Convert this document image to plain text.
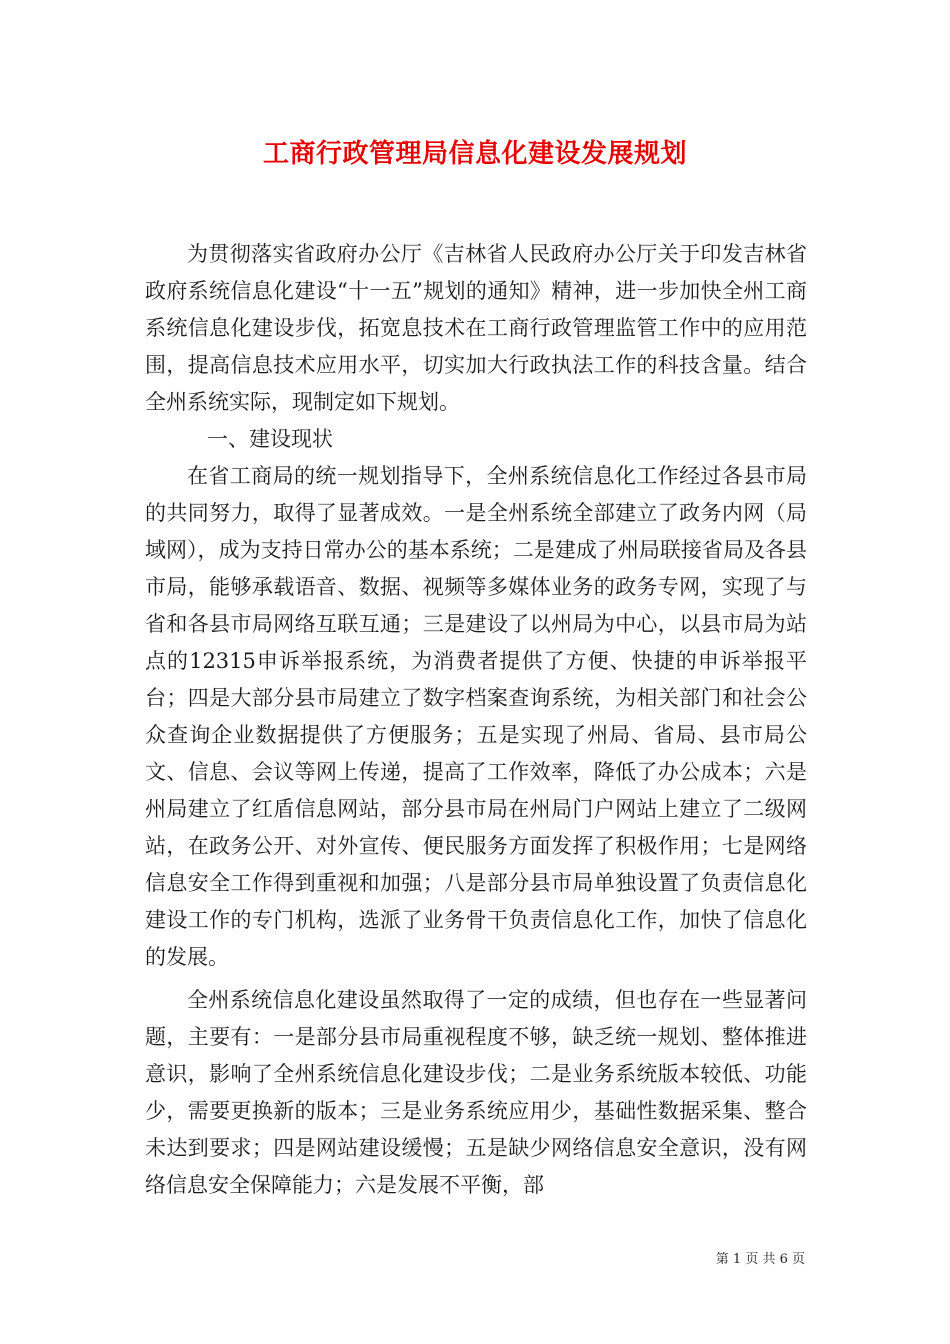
工商行政管理局信息化建设发展规划

为贯彻落实省政府办公厅《吉林省人民政府办公厅关于印发吉林省政府系统信息化建设“十一五”规划的通知》精神，进一步加快全州工商系统信息化建设步伐，拓宽息技术在工商行政管理监管工作中的应用范围，提高信息技术应用水平，切实加大行政执法工作的科技含量。结合全州系统实际，现制定如下规划。

一、建设现状

在省工商局的统一规划指导下，全州系统信息化工作经过各县市局的共同努力，取得了显著成效。一是全州系统全部建立了政务内网（局域网），成为支持日常办公的基本系统；二是建成了州局联接省局及各县市局，能够承载语音、数据、视频等多媒体业务的政务专网，实现了与省和各县市局网络互联互通；三是建设了以州局为中心，以县市局为站点的12315申诉举报系统，为消费者提供了方便、快捷的申诉举报平台；四是大部分县市局建立了数字档案查询系统，为相关部门和社会公众查询企业数据提供了方便服务；五是实现了州局、省局、县市局公文、信息、会议等网上传递，提高了工作效率，降低了办公成本；六是州局建立了红盾信息网站，部分县市局在州局门户网站上建立了二级网站，在政务公开、对外宣传、便民服务方面发挥了积极作用；七是网络信息安全工作得到重视和加强；八是部分县市局单独设置了负责信息化建设工作的专门机构，选派了业务骨干负责信息化工作，加快了信息化的发展。

全州系统信息化建设虽然取得了一定的成绩，但也存在一些显著问题，主要有：一是部分县市局重视程度不够，缺乏统一规划、整体推进意识，影响了全州系统信息化建设步伐；二是业务系统版本较低、功能少，需要更换新的版本；三是业务系统应用少，基础性数据采集、整合未达到要求；四是网站建设缓慢；五是缺少网络信息安全意识，没有网络信息安全保障能力；六是发展不平衡，部

第 1 页 共 6 页
